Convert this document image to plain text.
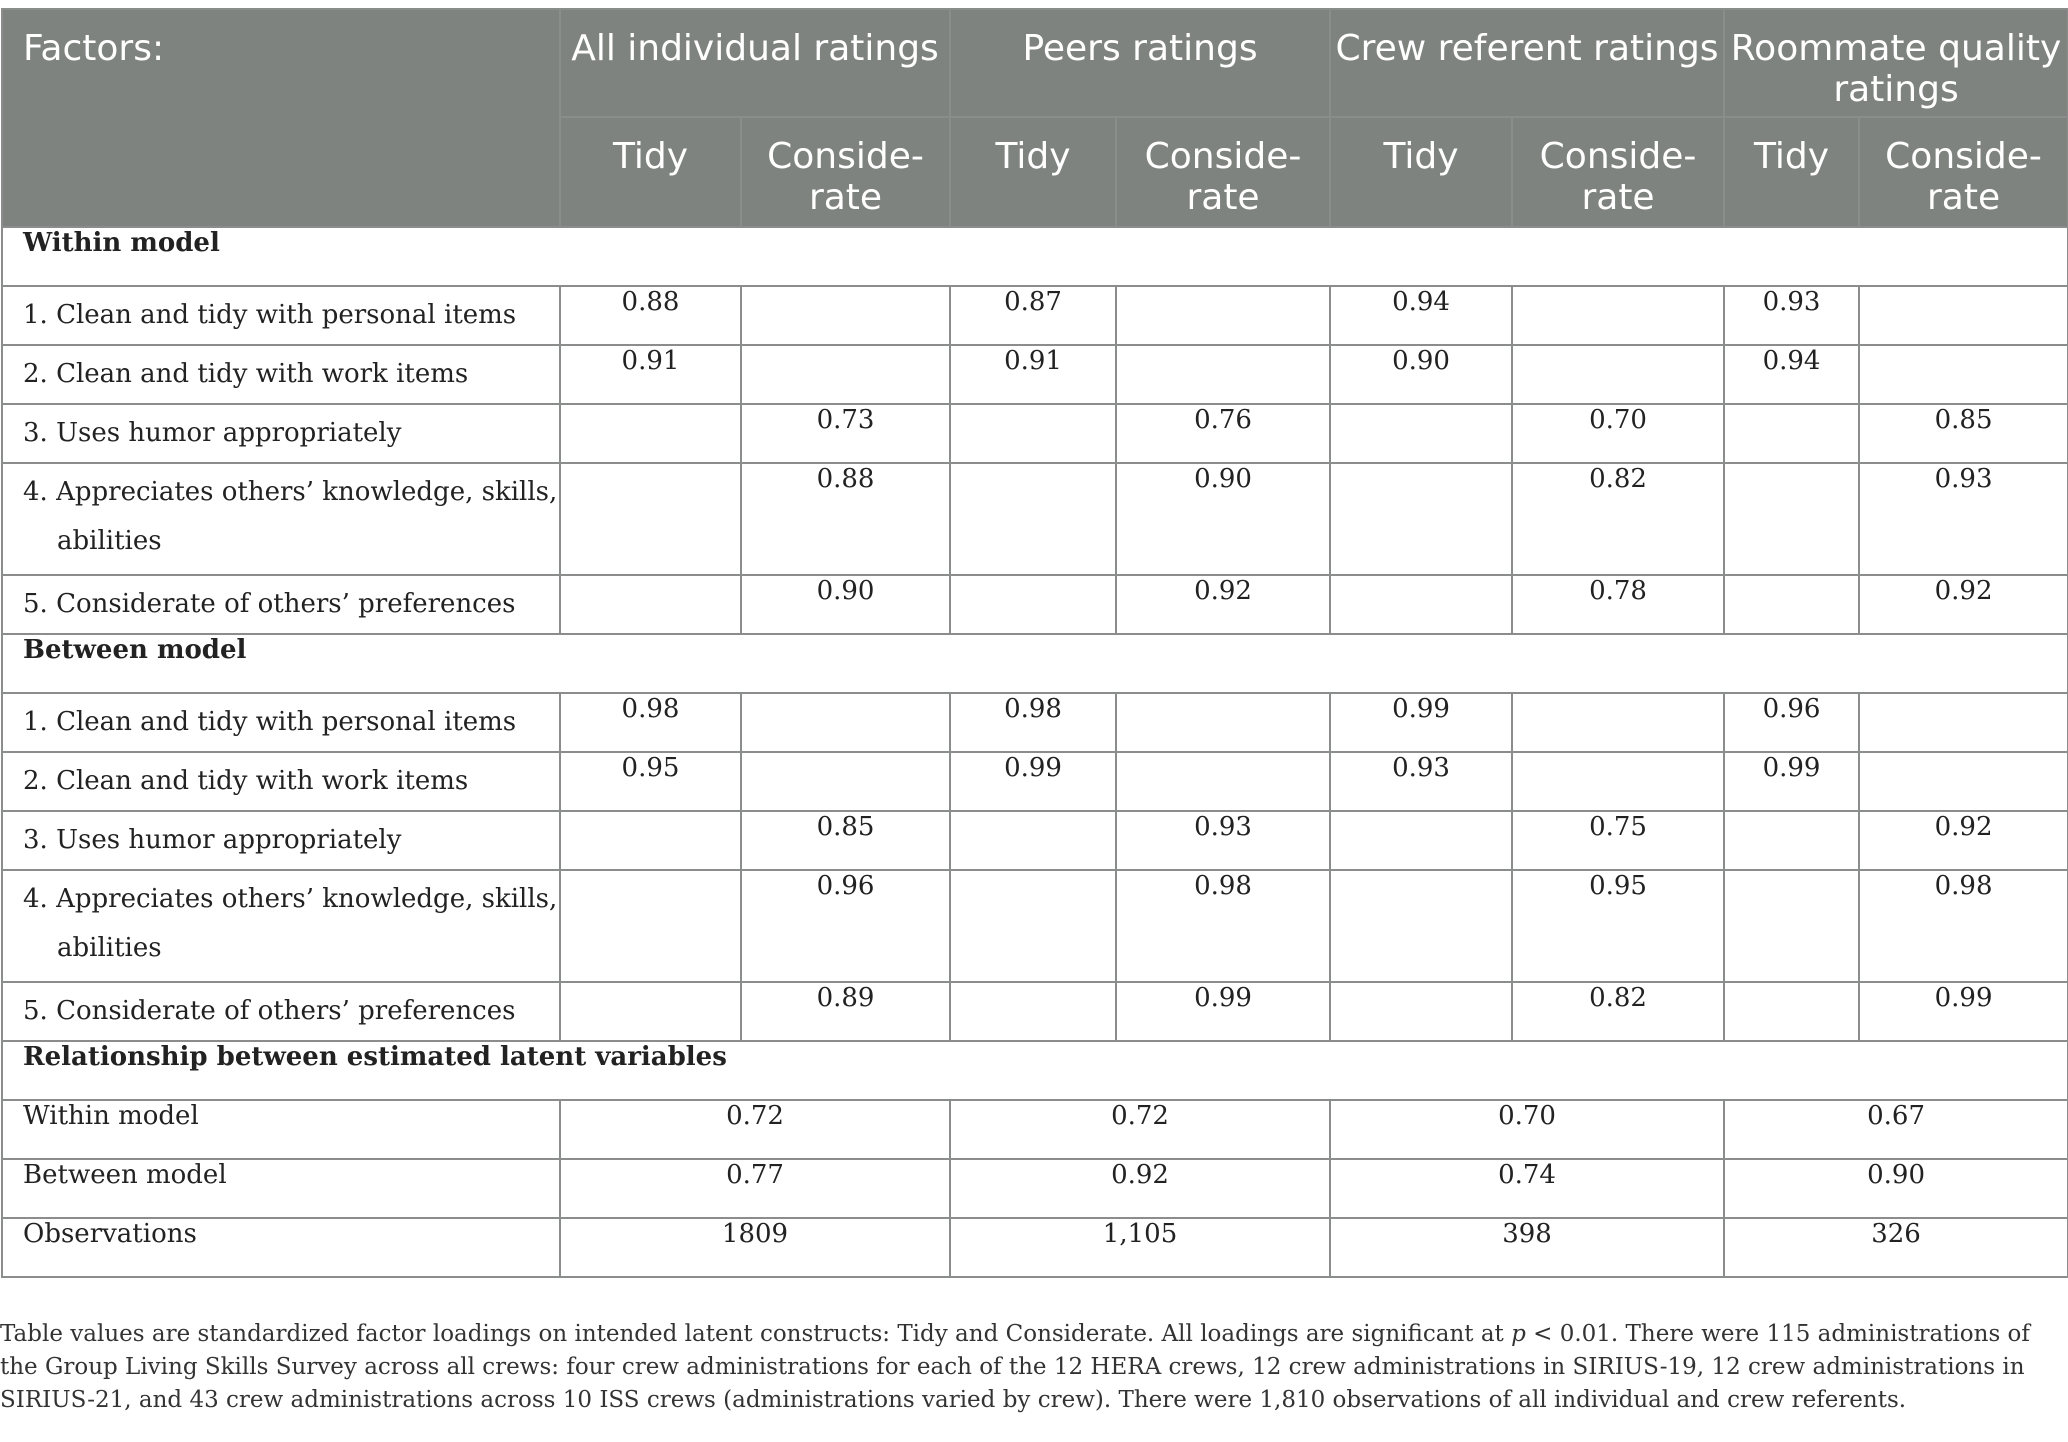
Factors:	All individual ratings		Peers ratings		Crew referent ratings		Roommate quality ratings	
	Tidy	Conside-rate	Tidy	Conside-rate	Tidy	Conside-rate	Tidy	Conside-rate
Within model								
1. Clean and tidy with personal items	0.88		0.87		0.94		0.93	
2. Clean and tidy with work items	0.91		0.91		0.90		0.94	
3. Uses humor appropriately		0.73		0.76		0.70		0.85
4. Appreciates others’ knowledge, skills, abilities		0.88		0.90		0.82		0.93
5. Considerate of others’ preferences		0.90		0.92		0.78		0.92
Between model								
1. Clean and tidy with personal items	0.98		0.98		0.99		0.96	
2. Clean and tidy with work items	0.95		0.99		0.93		0.99	
3. Uses humor appropriately		0.85		0.93		0.75		0.92
4. Appreciates others’ knowledge, skills, abilities		0.96		0.98		0.95		0.98
5. Considerate of others’ preferences		0.89		0.99		0.82		0.99
Relationship between estimated latent variables								
Within model	0.72		0.72		0.70		0.67	
Between model	0.77		0.92		0.74		0.90	
Observations	1809		1,105		398		326	
Table values are standardized factor loadings on intended latent constructs: Tidy and Considerate. All loadings are significant at p < 0.01. There were 115 administrations of the Group Living Skills Survey across all crews: four crew administrations for each of the 12 HERA crews, 12 crew administrations in SIRIUS-19, 12 crew administrations in SIRIUS-21, and 43 crew administrations across 10 ISS crews (administrations varied by crew). There were 1,810 observations of all individual and crew referents.
